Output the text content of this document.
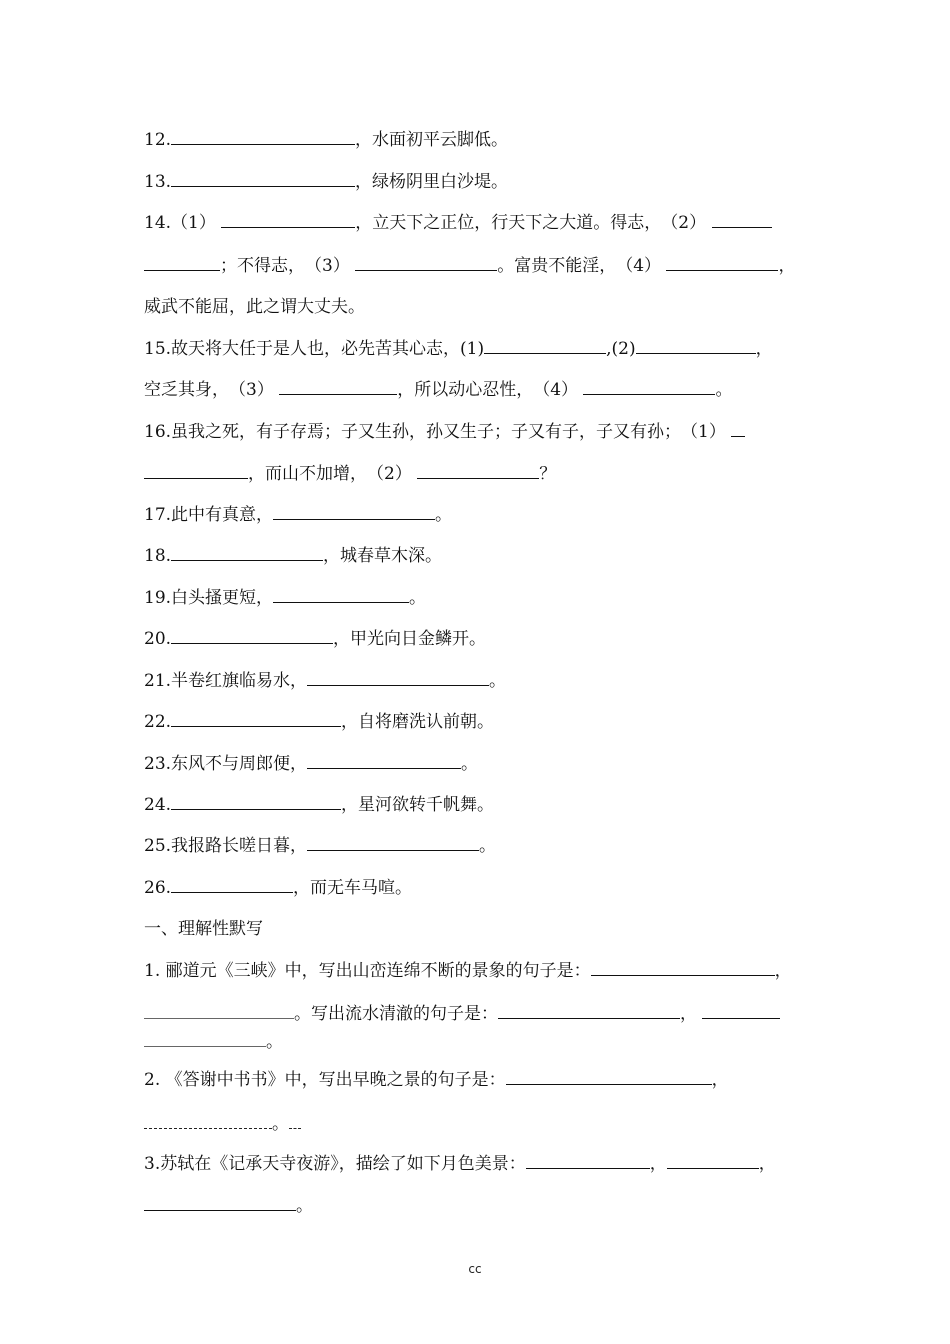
12.	，水面初平云脚低。
13.	，绿杨阴里白沙堤。
14.（1）	，立天下之正位，行天下之大道。得志，（2）
；不得志，（3）	。富贵不能淫，（4）	，
威武不能屈，此之谓大丈夫。
15.故天将大任于是人也，必先苦其心志，(1)	,(2)	，
空乏其身，（3）	，所以动心忍性，（4）	。
16.虽我之死，有子存焉；子又生孙，孙又生子；子又有子，子又有孙；（1）
，而山不加增，（2）	？
17.此中有真意，	。
18.	，城春草木深。
19.白头搔更短，	。
20.	，甲光向日金鳞开。
21.半卷红旗临易水，	。
22.	，自将磨洗认前朝。
23.东风不与周郎便，	。
24.	，星河欲转千帆舞。
25.我报路长嗟日暮，	。
26.	，而无车马喧。
一、理解性默写
1. 郦道元《三峡》中，写出山峦连绵不断的景象的句子是：	，
。写出流水清澈的句子是：	，
。
2. 《答谢中书书》中，写出早晚之景的句子是：	，
。
3.苏轼在《记承天寺夜游》，描绘了如下月色美景：	，	，
。
cc
